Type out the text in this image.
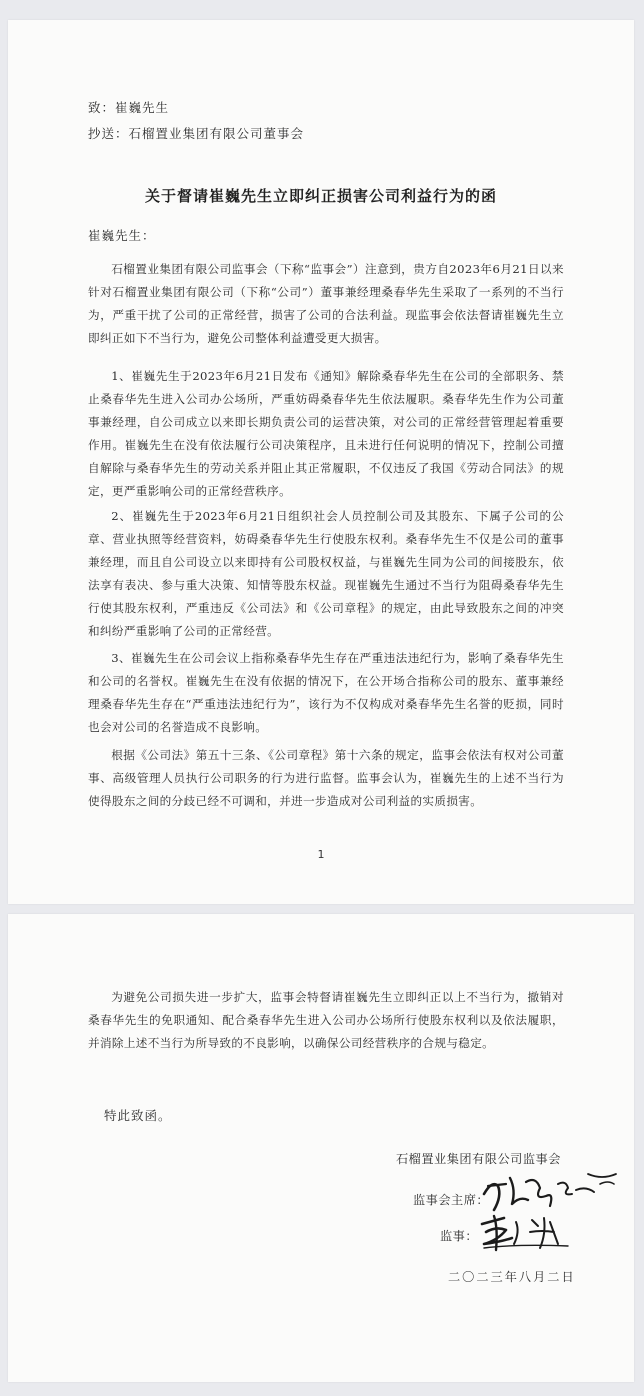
致：崔巍先生

抄送：石榴置业集团有限公司董事会

关于督请崔巍先生立即纠正损害公司利益行为的函

崔巍先生：

石榴置业集团有限公司监事会（下称“监事会”）注意到，贵方自2023年6月21日以来针对石榴置业集团有限公司（下称“公司”）董事兼经理桑春华先生采取了一系列的不当行为，严重干扰了公司的正常经营，损害了公司的合法利益。现监事会依法督请崔巍先生立即纠正如下不当行为，避免公司整体利益遭受更大损害。

1、崔巍先生于2023年6月21日发布《通知》解除桑春华先生在公司的全部职务、禁止桑春华先生进入公司办公场所，严重妨碍桑春华先生依法履职。桑春华先生作为公司董事兼经理，自公司成立以来即长期负责公司的运营决策，对公司的正常经营管理起着重要作用。崔巍先生在没有依法履行公司决策程序，且未进行任何说明的情况下，控制公司擅自解除与桑春华先生的劳动关系并阻止其正常履职，不仅违反了我国《劳动合同法》的规定，更严重影响公司的正常经营秩序。

2、崔巍先生于2023年6月21日组织社会人员控制公司及其股东、下属子公司的公章、营业执照等经营资料，妨碍桑春华先生行使股东权利。桑春华先生不仅是公司的董事兼经理，而且自公司设立以来即持有公司股权权益，与崔巍先生同为公司的间接股东，依法享有表决、参与重大决策、知情等股东权益。现崔巍先生通过不当行为阻碍桑春华先生行使其股东权利，严重违反《公司法》和《公司章程》的规定，由此导致股东之间的冲突和纠纷严重影响了公司的正常经营。

3、崔巍先生在公司会议上指称桑春华先生存在严重违法违纪行为，影响了桑春华先生和公司的名誉权。崔巍先生在没有依据的情况下，在公开场合指称公司的股东、董事兼经理桑春华先生存在“严重违法违纪行为”，该行为不仅构成对桑春华先生名誉的贬损，同时也会对公司的名誉造成不良影响。

根据《公司法》第五十三条、《公司章程》第十六条的规定，监事会依法有权对公司董事、高级管理人员执行公司职务的行为进行监督。监事会认为，崔巍先生的上述不当行为使得股东之间的分歧已经不可调和，并进一步造成对公司利益的实质损害。

1

为避免公司损失进一步扩大，监事会特督请崔巍先生立即纠正以上不当行为，撤销对桑春华先生的免职通知、配合桑春华先生进入公司办公场所行使股东权利以及依法履职，并消除上述不当行为所导致的不良影响，以确保公司经营秩序的合规与稳定。

特此致函。

石榴置业集团有限公司监事会

监事会主席：

监事：

二〇二三年八月二日
